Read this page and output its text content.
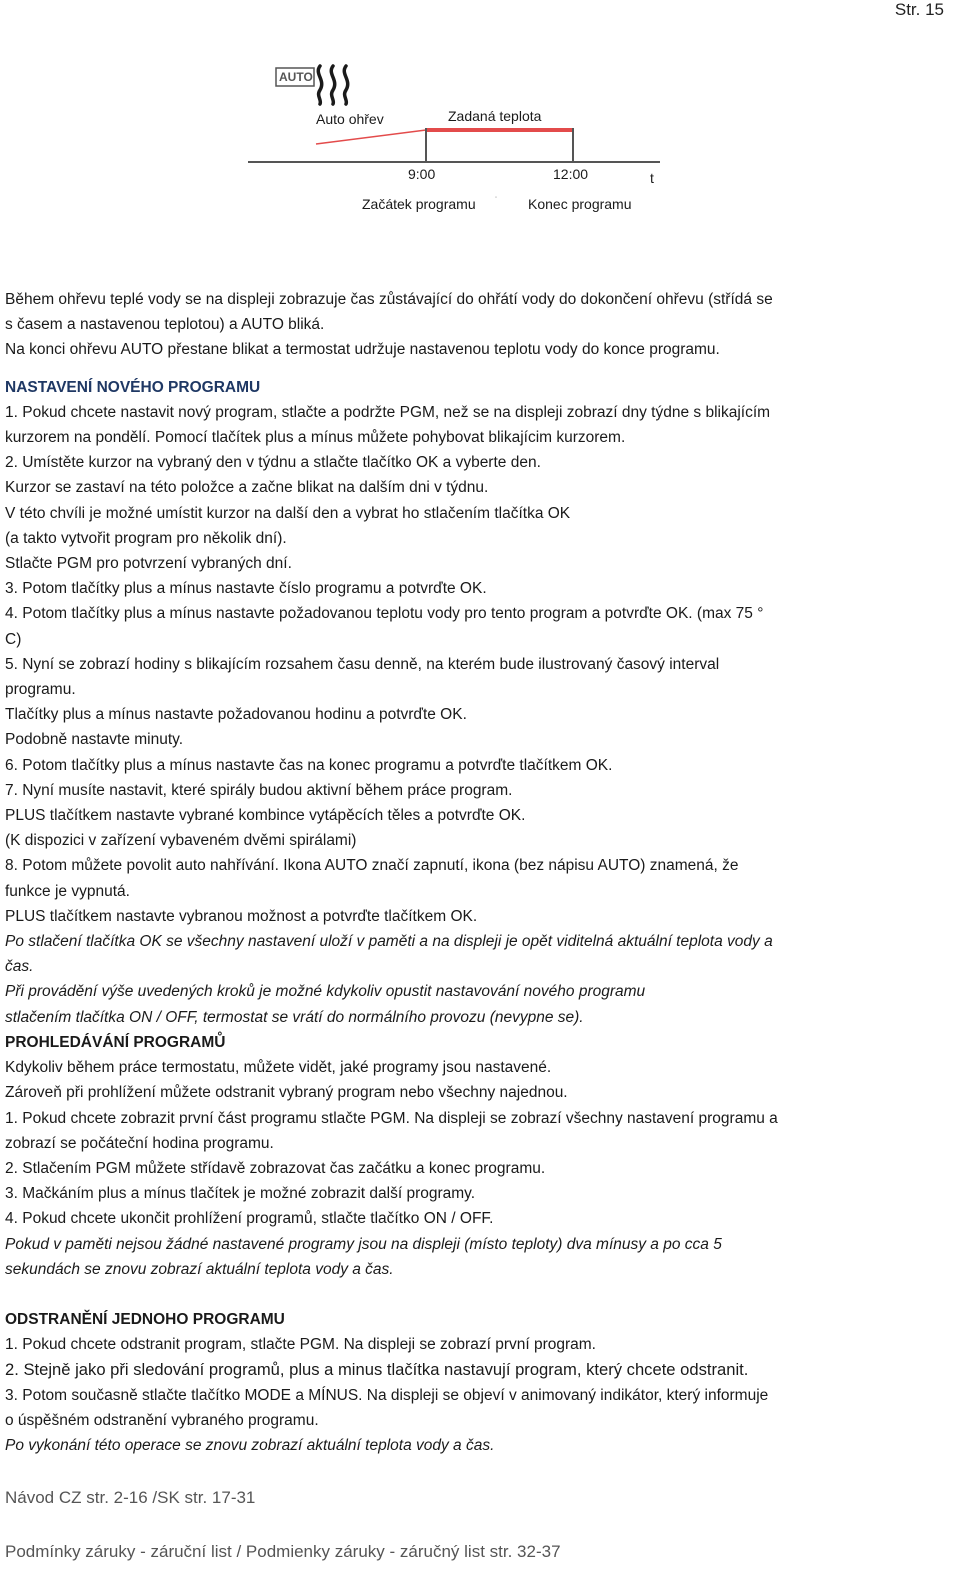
Str. 15
AUTO
Auto ohřev	Zadaná teplota
9:00	12:00	t
Začátek programu	Konec programu

Během ohřevu teplé vody se na displeji zobrazuje čas zůstávající do ohřátí vody do dokončení ohřevu (střídá se

s časem a nastavenou teplotou) a AUTO bliká.

Na konci ohřevu AUTO přestane blikat a termostat udržuje nastavenou teplotu vody do konce programu.

NASTAVENÍ NOVÉHO PROGRAMU

1. Pokud chcete nastavit nový program, stlačte a podržte PGM, než se na displeji zobrazí dny týdne s blikajícím

kurzorem na pondělí. Pomocí tlačítek plus a mínus můžete pohybovat blikajícim kurzorem.

2. Umístěte kurzor na vybraný den v týdnu a stlačte tlačítko OK a vyberte den.

Kurzor se zastaví na této položce a začne blikat na dalším dni v týdnu.

V této chvíli je možné umístit kurzor na další den a vybrat ho stlačením tlačítka OK

(a takto vytvořit program pro několik dní).

Stlačte PGM pro potvrzení vybraných dní.

3. Potom tlačítky plus a mínus nastavte číslo programu a potvrďte OK.

4. Potom tlačítky plus a mínus nastavte požadovanou teplotu vody pro tento program a potvrďte OK. (max 75 °

C)

5. Nyní se zobrazí hodiny s blikajícím rozsahem času denně, na kterém bude ilustrovaný časový interval

programu.

Tlačítky plus a mínus nastavte požadovanou hodinu a potvrďte OK.

Podobně nastavte minuty.

6. Potom tlačítky plus a mínus nastavte čas na konec programu a potvrďte tlačítkem OK.

7. Nyní musíte nastavit, které spirály budou aktivní během práce program.

PLUS tlačítkem nastavte vybrané kombince vytápěcích těles a potvrďte OK.

(K dispozici v zařízení vybaveném dvěmi spirálami)

8. Potom můžete povolit auto nahřívání. Ikona AUTO značí zapnutí, ikona (bez nápisu AUTO) znamená, že

funkce je vypnutá.

PLUS tlačítkem nastavte vybranou možnost a potvrďte tlačítkem OK.

Po stlačení tlačítka OK se všechny nastavení uloží v paměti a na displeji je opět viditelná aktuální teplota vody a

čas.

Při provádění výše uvedených kroků je možné kdykoliv opustit nastavování nového programu

stlačením tlačítka ON / OFF, termostat se vrátí do normálního provozu (nevypne se).

PROHLEDÁVÁNÍ PROGRAMŮ

Kdykoliv během práce termostatu, můžete vidět, jaké programy jsou nastavené.

Zároveň při prohlížení můžete odstranit vybraný program nebo všechny najednou.

1. Pokud chcete zobrazit první část programu stlačte PGM. Na displeji se zobrazí všechny nastavení programu a

zobrazí se počáteční hodina programu.

2. Stlačením PGM můžete střídavě zobrazovat čas začátku a konec programu.

3. Mačkáním plus a mínus tlačítek je možné zobrazit další programy.

4. Pokud chcete ukončit prohlížení programů, stlačte tlačítko ON / OFF.

Pokud v paměti nejsou žádné nastavené programy jsou na displeji (místo teploty) dva mínusy a po cca 5

sekundách se znovu zobrazí aktuální teplota vody a čas.

ODSTRANĚNÍ JEDNOHO PROGRAMU

1. Pokud chcete odstranit program, stlačte PGM. Na displeji se zobrazí první program.

2. Stejně jako při sledování programů, plus a minus tlačítka nastavují program, který chcete odstranit.

3. Potom současně stlačte tlačítko MODE a MÍNUS. Na displeji se objeví v animovaný indikátor, který informuje

o úspěšném odstranění vybraného programu.

Po vykonání této operace se znovu zobrazí aktuální teplota vody a čas.

Návod CZ str. 2-16 /SK str. 17-31
Podmínky záruky - záruční list / Podmienky záruky - záručný list str. 32-37
